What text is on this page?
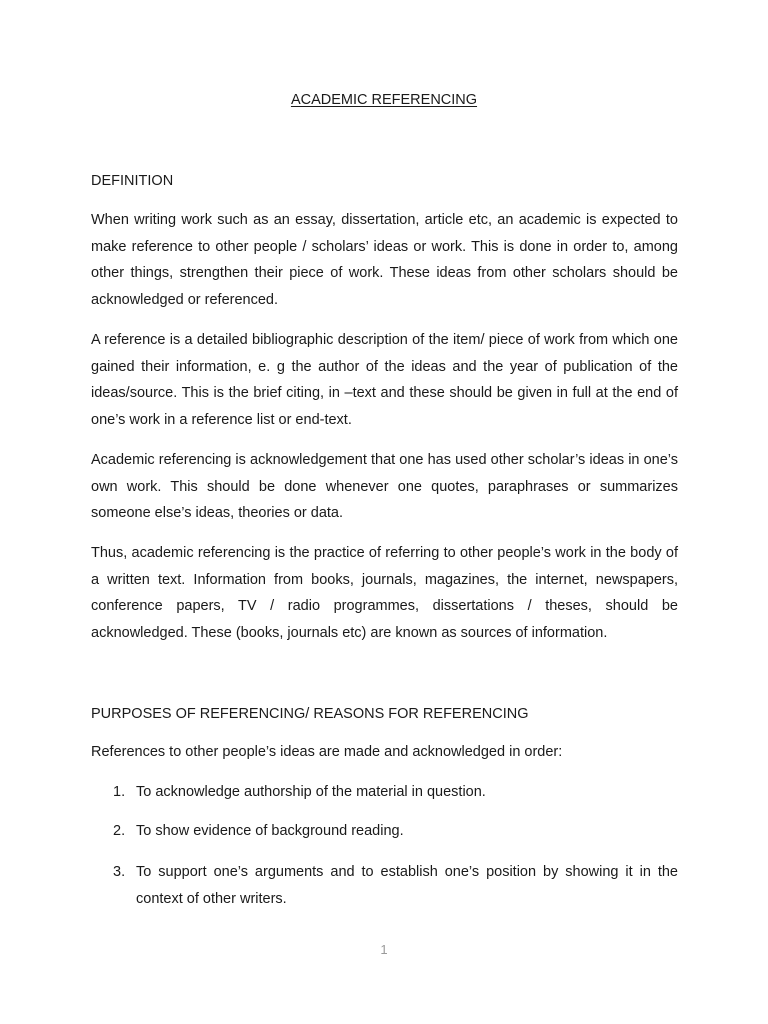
ACADEMIC REFERENCING
DEFINITION

When writing work such as an essay, dissertation, article etc, an academic is expected to make reference to other people / scholars’ ideas or work. This is done in order to, among other things, strengthen their piece of work. These ideas from other scholars should be acknowledged or referenced.

A reference is a detailed bibliographic description of the item/ piece of work from which one gained their information, e. g the author of the ideas and the year of publication of the ideas/source. This is the brief citing, in –text and these should be given in full at the end of one’s work in a reference list or end-text.

Academic referencing is acknowledgement that one has used other scholar’s ideas in one’s own work. This should be done whenever one quotes, paraphrases or summarizes someone else’s ideas, theories or data.

Thus, academic referencing is the practice of referring to other people’s work in the body of a written text. Information from books, journals, magazines, the internet, newspapers, conference papers, TV / radio programmes, dissertations / theses, should be acknowledged. These (books, journals etc) are known as sources of information.

PURPOSES OF REFERENCING/ REASONS FOR REFERENCING

References to other people’s ideas are made and acknowledged in order:

1. To acknowledge authorship of the material in question.
2. To show evidence of background reading.
3. To support one’s arguments and to establish one’s position by showing it in the context of other writers.

1
